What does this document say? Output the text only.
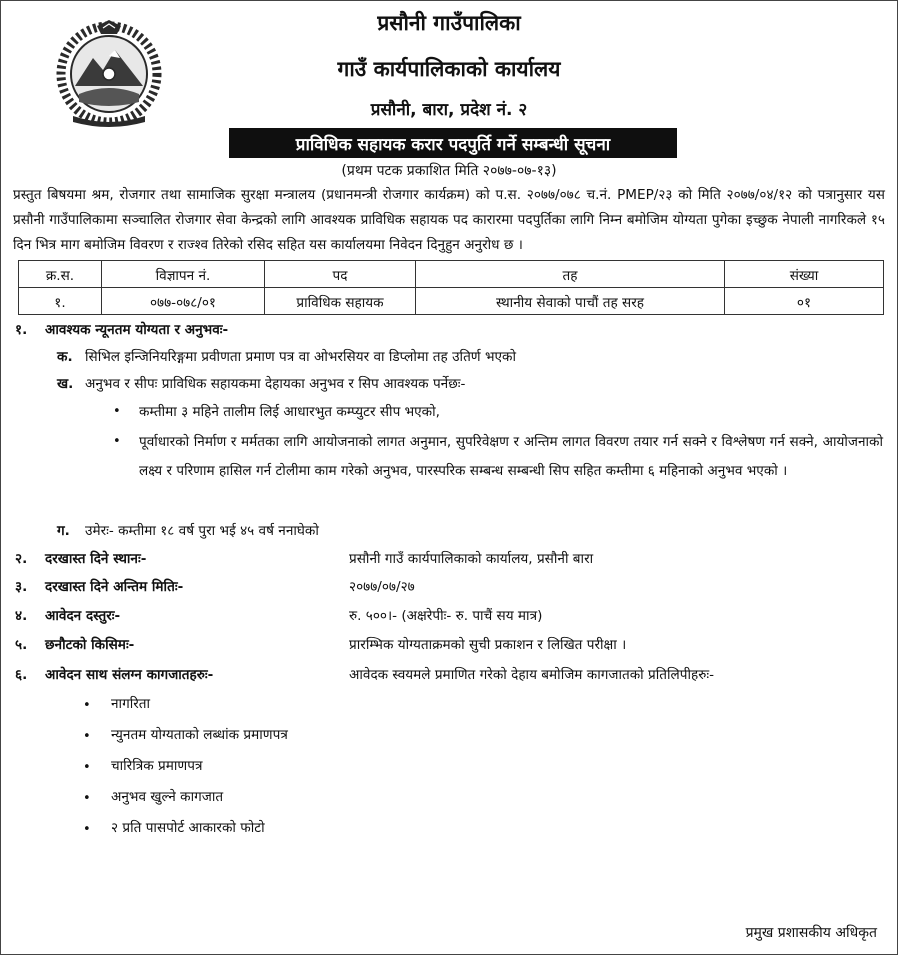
प्रसौनी गाउँपालिका
गाउँ कार्यपालिकाको कार्यालय
प्रसौनी, बारा, प्रदेश नं. २
प्राविधिक सहायक करार पदपुर्ति गर्ने सम्बन्धी सूचना
(प्रथम पटक प्रकाशित मिति २०७७-०७-१३)
प्रस्तुत बिषयमा श्रम, रोजगार तथा सामाजिक सुरक्षा मन्त्रालय (प्रधानमन्त्री रोजगार कार्यक्रम) को प.स. २०७७/०७८ च.नं. PMEP/२३ को मिति २०७७/०४/१२ को पत्रानुसार यस प्रसौनी गाउँपालिकामा सञ्चालित रोजगार सेवा केन्द्रको लागि आवश्यक प्राविधिक सहायक पद कारारमा पदपुर्तिका लागि निम्न बमोजिम योग्यता पुगेका इच्छुक नेपाली नागरिकले १५ दिन भित्र माग बमोजिम विवरण र राज्श्व तिरेको रसिद सहित यस कार्यालयमा निवेदन दिनुहुन अनुरोध छ ।
क्र.स.	विज्ञापन नं.	पद	तह	संख्या
१.	०७७-०७८/०१	प्राविधिक सहायक	स्थानीय सेवाको पाचौं तह सरह	०१
१. आवश्यक न्यूनतम योग्यता र अनुभवः-
क. सिभिल इन्जिनियरिङ्गमा प्रवीणता प्रमाण पत्र वा ओभरसियर वा डिप्लोमा तह उतिर्ण भएको
ख. अनुभव र सीपः प्राविधिक सहायकमा देहायका अनुभव र सिप आवश्यक पर्नेछः-
• कम्तीमा ३ महिने तालीम लिई आधारभुत कम्प्युटर सीप भएको,
• पूर्वाधारको निर्माण र मर्मतका लागि आयोजनाको लागत अनुमान, सुपरिवेक्षण र अन्तिम लागत विवरण तयार गर्न सक्ने र विश्लेषण गर्न सक्ने, आयोजनाको लक्ष्य र परिणाम हासिल गर्न टोलीमा काम गरेको अनुभव, पारस्परिक सम्बन्ध सम्बन्धी सिप सहित कम्तीमा ६ महिनाको अनुभव भएको ।
ग. उमेरः- कम्तीमा १८ वर्ष पुरा भई ४५ वर्ष ननाघेको
२. दरखास्त दिने स्थानः-	प्रसौनी गाउँ कार्यपालिकाको कार्यालय, प्रसौनी बारा
३. दरखास्त दिने अन्तिम मितिः-	२०७७/०७/२७
४. आवेदन दस्तुरः-	रु. ५००।- (अक्षरेपीः- रु. पाचैं सय मात्र)
५. छनौटको किसिमः-	प्रारम्भिक योग्यताक्रमको सुची प्रकाशन र लिखित परीक्षा ।
६. आवेदन साथ संलग्न कागजातहरुः-	आवेदक स्वयमले प्रमाणित गरेको देहाय बमोजिम कागजातको प्रतिलिपीहरुः-
• नागरिता
• न्युनतम योग्यताको लब्धांक प्रमाणपत्र
• चारित्रिक प्रमाणपत्र
• अनुभव खुल्ने कागजात
• २ प्रति पासपोर्ट आकारको फोटो
प्रमुख प्रशासकीय अधिकृत
